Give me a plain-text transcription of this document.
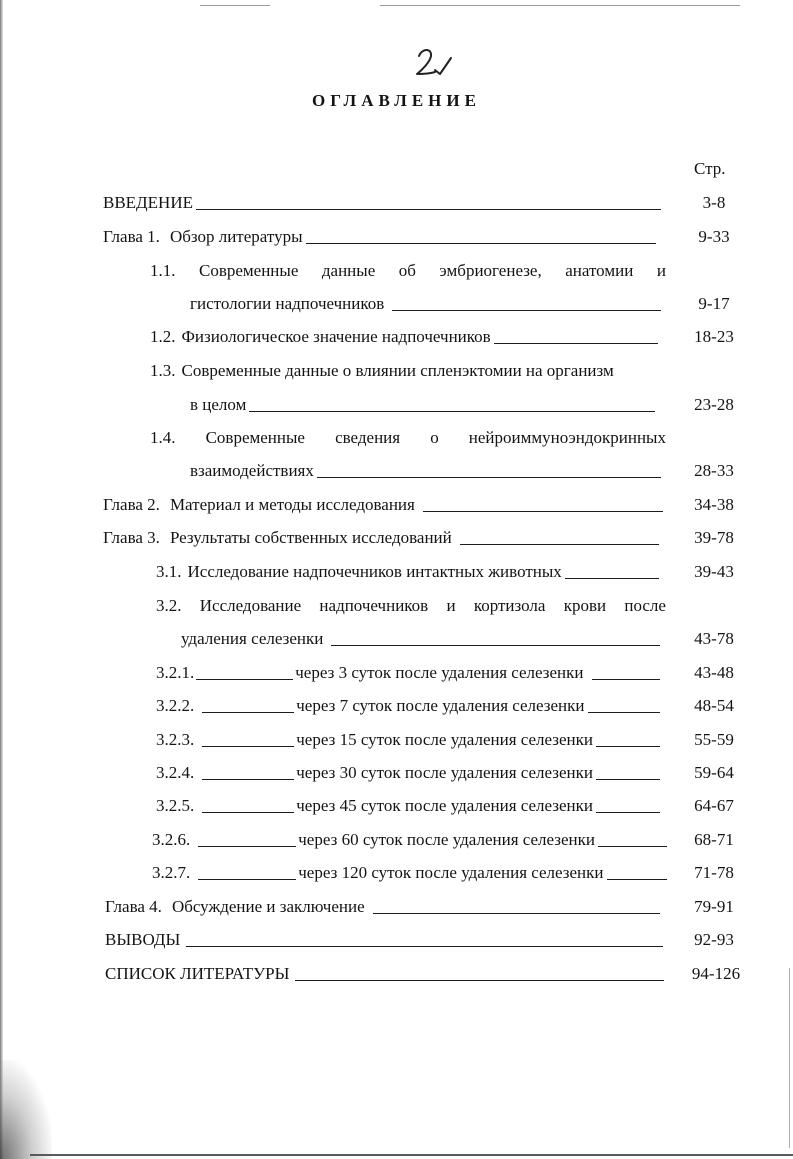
ОГЛАВЛЕНИЕ
Стр.
ВВЕДЕНИЕ	3-8
Глава 1. Обзор литературы	9-33
1.1. Современные данные об эмбриогенезе, анатомии и
гистологии надпочечников	9-17
1.2. Физиологическое значение надпочечников	18-23
1.3. Современные данные о влиянии спленэктомии на организм
в целом	23-28
1.4. Современные сведения о нейроиммуноэндокринных
взаимодействиях	28-33
Глава 2. Материал и методы исследования	34-38
Глава 3. Результаты собственных исследований	39-78
3.1. Исследование надпочечников интактных животных	39-43
3.2. Исследование надпочечников и кортизола крови после
удаления селезенки	43-78
3.2.1.	через 3 суток после удаления селезенки	43-48
3.2.2.	через 7 суток после удаления селезенки	48-54
3.2.3.	через 15 суток после удаления селезенки	55-59
3.2.4.	через 30 суток после удаления селезенки	59-64
3.2.5.	через 45 суток после удаления селезенки	64-67
3.2.6.	через 60 суток после удаления селезенки	68-71
3.2.7.	через 120 суток после удаления селезенки	71-78
Глава 4. Обсуждение и заключение	79-91
ВЫВОДЫ	92-93
СПИСОК ЛИТЕРАТУРЫ	94-126
